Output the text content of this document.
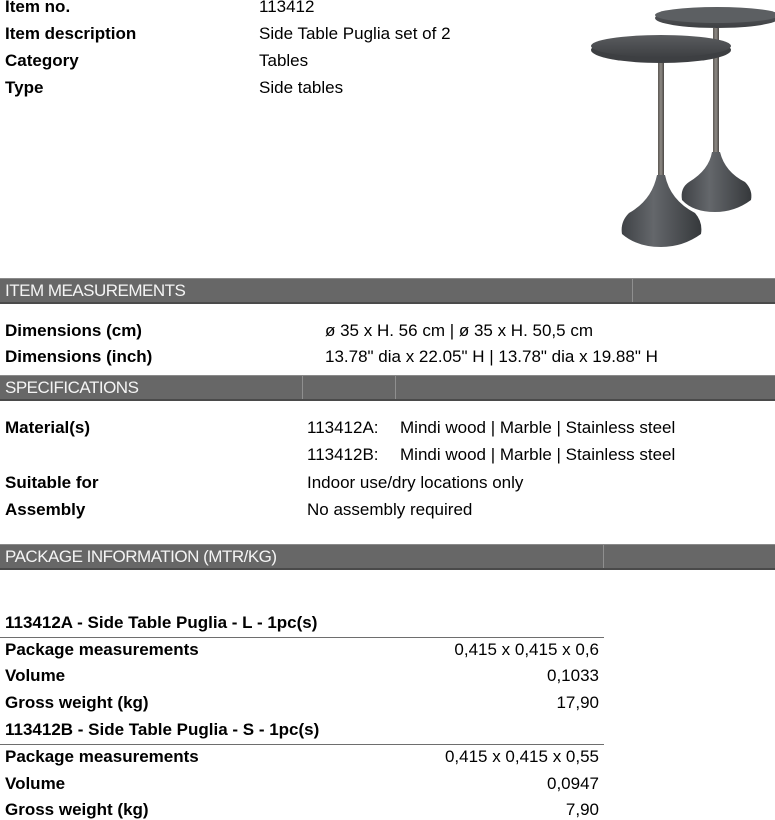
Item no.	113412
Item description	Side Table Puglia set of 2
Category	Tables
Type	Side tables
ITEM MEASUREMENTS
Dimensions (cm)	ø 35 x H. 56 cm | ø 35 x H. 50,5 cm
Dimensions (inch)	13.78" dia x 22.05" H | 13.78" dia x 19.88" H
SPECIFICATIONS
Material(s)	113412A: Mindi wood | Marble | Stainless steel
113412B: Mindi wood | Marble | Stainless steel
Suitable for	Indoor use/dry locations only
Assembly	No assembly required
PACKAGE INFORMATION (MTR/KG)
113412A - Side Table Puglia - L - 1pc(s)
Package measurements	0,415 x 0,415 x 0,6
Volume	0,1033
Gross weight (kg)	17,90
113412B - Side Table Puglia - S - 1pc(s)
Package measurements	0,415 x 0,415 x 0,55
Volume	0,0947
Gross weight (kg)	7,90
